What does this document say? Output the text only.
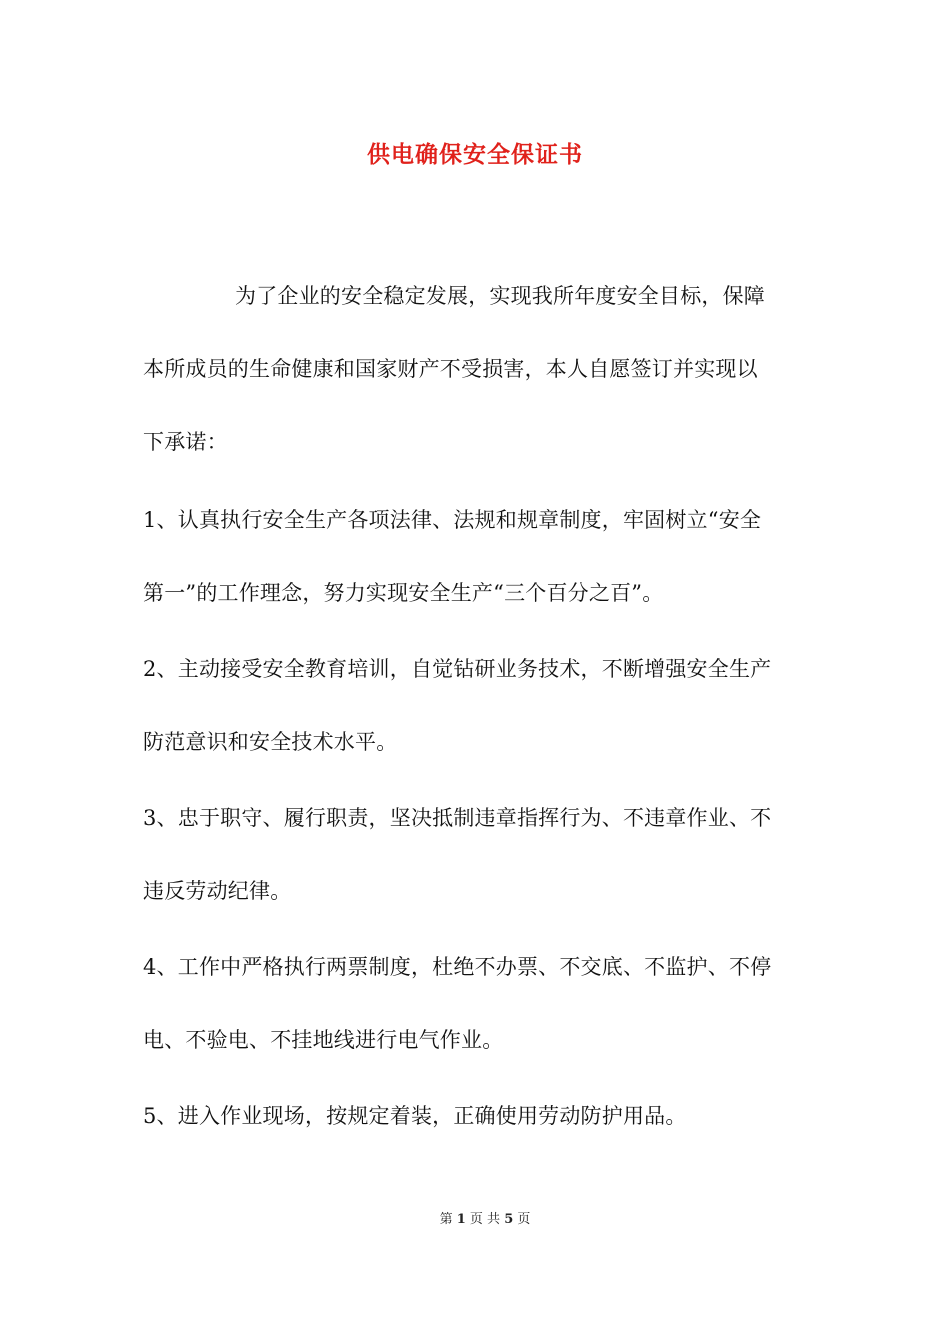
供电确保安全保证书
为了企业的安全稳定发展，实现我所年度安全目标，保障
本所成员的生命健康和国家财产不受损害，本人自愿签订并实现以
下承诺：
1、认真执行安全生产各项法律、法规和规章制度，牢固树立“安全
第一”的工作理念，努力实现安全生产“三个百分之百”。
2、主动接受安全教育培训，自觉钻研业务技术，不断增强安全生产
防范意识和安全技术水平。
3、忠于职守、履行职责，坚决抵制违章指挥行为、不违章作业、不
违反劳动纪律。
4、工作中严格执行两票制度，杜绝不办票、不交底、不监护、不停
电、不验电、不挂地线进行电气作业。
5、进入作业现场，按规定着装，正确使用劳动防护用品。
第 1 页 共 5 页
